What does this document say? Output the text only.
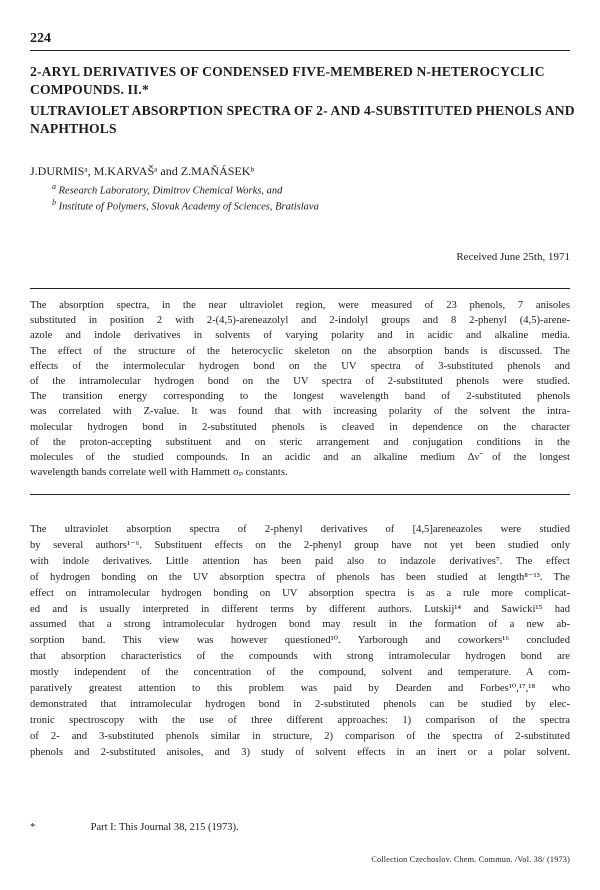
224
2-ARYL DERIVATIVES OF CONDENSED FIVE-MEMBERED N-HETEROCYCLIC COMPOUNDS. II.*
ULTRAVIOLET ABSORPTION SPECTRA OF 2- AND 4-SUBSTITUTED PHENOLS AND NAPHTHOLS
J.DURMISᵃ, M.KARVAŠᵃ and Z.MAŇÁSEKᵇ
$^a$ Research Laboratory, Dimitrov Chemical Works, and
$^b$ Institute of Polymers, Slovak Academy of Sciences, Bratislava
Received June 25th, 1971
The absorption spectra, in the near ultraviolet region, were measured of 23 phenols, 7 anisoles
substituted in position 2 with 2-(4,5)-areneazolyl and 2-indolyl groups and 8 2-phenyl (4,5)-arene-
azole and indole derivatives in solvents of varying polarity and in acidic and alkaline media.
The effect of the structure of the heterocyclic skeleton on the absorption bands is discussed. The
effects of the intermolecular hydrogen bond on the UV spectra of 3-substituted phenols and
of the intramolecular hydrogen bond on the UV spectra of 2-substituted phenols were studied.
The transition energy corresponding to the longest wavelength band of 2-substituted phenols
was correlated with Z-value. It was found that with increasing polarity of the solvent the intra-
molecular hydrogen bond in 2-substituted phenols is cleaved in dependence on the character
of the proton-accepting substituent and on steric arrangement and conjugation conditions in the
molecules of the studied compounds. In an acidic and an alkaline medium Δν̃ of the longest
wavelength bands correlate well with Hammett σₚ constants.
The ultraviolet absorption spectra of 2-phenyl derivatives of [4,5]areneazoles were studied
by several authors¹⁻⁶. Substituent effects on the 2-phenyl group have not yet been studied only
with indole derivatives. Little attention has been paid also to indazole derivatives⁷. The effect
of hydrogen bonding on the UV absorption spectra of phenols has been studied at length⁸⁻¹³. The
effect on intramolecular hydrogen bonding on UV absorption spectra is as a rule more complicat-
ed and is usually interpreted in different terms by different authors. Lutskij¹⁴ and Sawicki¹⁵ had
assumed that a strong intramolecular hydrogen bond may result in the formation of a new ab-
sorption band. This view was however questioned¹⁰. Yarborough and coworkers¹⁶ concluded
that absorption characteristics of the compounds with strong intramolecular hydrogen bond are
mostly independent of the concentration of the compound, solvent and temperature. A com-
paratively greatest attention to this problem was paid by Dearden and Forbes¹⁰,¹⁷,¹⁸ who
demonstrated that intramolecular hydrogen bond in 2-substituted phenols can be studied by elec-
tronic spectroscopy with the use of three different approaches: 1) comparison of the spectra
of 2- and 3-substituted phenols similar in structure, 2) comparison of the spectra of 2-substituted
phenols and 2-substituted anisoles, and 3) study of solvent effects in an inert or a polar solvent.
*	Part I: This Journal 38, 215 (1973).
Collection Czechoslov. Chem. Commun. /Vol. 38/ (1973)
